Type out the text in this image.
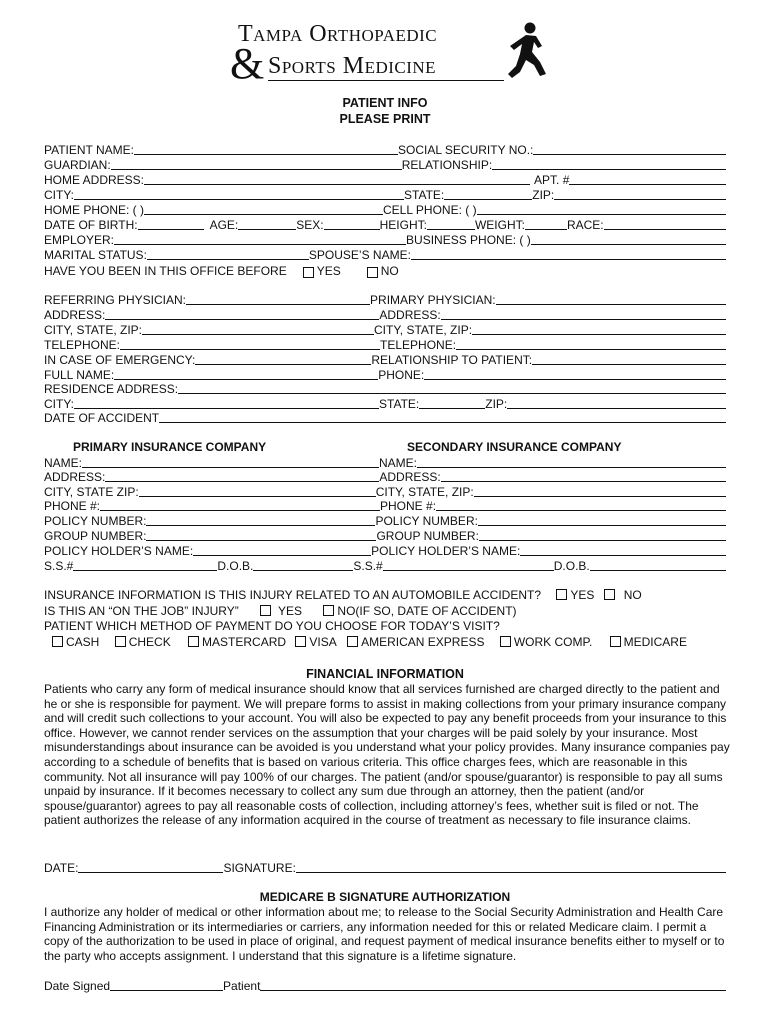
Tampa Orthopaedic
& Sports Medicine
PATIENT INFO
PLEASE PRINT
PATIENT NAME:	SOCIAL SECURITY NO.:
GUARDIAN:	RELATIONSHIP:
HOME ADDRESS:	APT. #
CITY:	STATE:	ZIP:
HOME PHONE: ( )	CELL PHONE: ( )
DATE OF BIRTH:	AGE:	SEX:	HEIGHT:	WEIGHT:	RACE:
EMPLOYER:	BUSINESS PHONE: ( )
MARITAL STATUS:	SPOUSE’S NAME:
HAVE YOU BEEN IN THIS OFFICE BEFORE	YES	NO
REFERRING PHYSICIAN:	PRIMARY PHYSICIAN:
ADDRESS:	ADDRESS:
CITY, STATE, ZIP:	CITY, STATE, ZIP:
TELEPHONE:	TELEPHONE:
IN CASE OF EMERGENCY:	RELATIONSHIP TO PATIENT:
FULL NAME:	PHONE:
RESIDENCE ADDRESS:
CITY:	STATE:	ZIP:
DATE OF ACCIDENT
PRIMARY INSURANCE COMPANY	SECONDARY INSURANCE COMPANY
NAME:	NAME:
ADDRESS:	ADDRESS:
CITY, STATE ZIP:	CITY, STATE, ZIP:
PHONE #:	PHONE #:
POLICY NUMBER:	POLICY NUMBER:
GROUP NUMBER:	GROUP NUMBER:
POLICY HOLDER’S NAME:	POLICY HOLDER’S NAME:
S.S.#	D.O.B.	S.S.#	D.O.B.
INSURANCE INFORMATION IS THIS INJURY RELATED TO AN AUTOMOBILE ACCIDENT? YES NO
IS THIS AN “ON THE JOB” INJURY”	YES	NO(IF SO, DATE OF ACCIDENT)
PATIENT WHICH METHOD OF PAYMENT DO YOU CHOOSE FOR TODAY’S VISIT?
CASH CHECK	MASTERCARD VISA AMERICAN EXPRESS WORK COMP.	MEDICARE
FINANCIAL INFORMATION
Patients who carry any form of medical insurance should know that all services furnished are charged directly to the patient and he or she is responsible for payment. We will prepare forms to assist in making collections from your primary insurance company and will credit such collections to your account. You will also be expected to pay any benefit proceeds from your insurance to this office. However, we cannot render services on the assumption that your charges will be paid solely by your insurance. Most misunderstandings about insurance can be avoided is you understand what your policy provides. Many insurance companies pay according to a schedule of benefits that is based on various criteria. This office charges fees, which are reasonable in this community. Not all insurance will pay 100% of our charges. The patient (and/or spouse/guarantor) is responsible to pay all sums unpaid by insurance. If it becomes necessary to collect any sum due through an attorney, then the patient (and/or spouse/guarantor) agrees to pay all reasonable costs of collection, including attorney’s fees, whether suit is filed or not. The patient authorizes the release of any information acquired in the course of treatment as necessary to file insurance claims.
DATE:	SIGNATURE:
MEDICARE B SIGNATURE AUTHORIZATION
I authorize any holder of medical or other information about me; to release to the Social Security Administration and Health Care Financing Administration or its intermediaries or carriers, any information needed for this or related Medicare claim. I permit a copy of the authorization to be used in place of original, and request payment of medical insurance benefits either to myself or to the party who accepts assignment. I understand that this signature is a lifetime signature.
Date Signed	Patient
